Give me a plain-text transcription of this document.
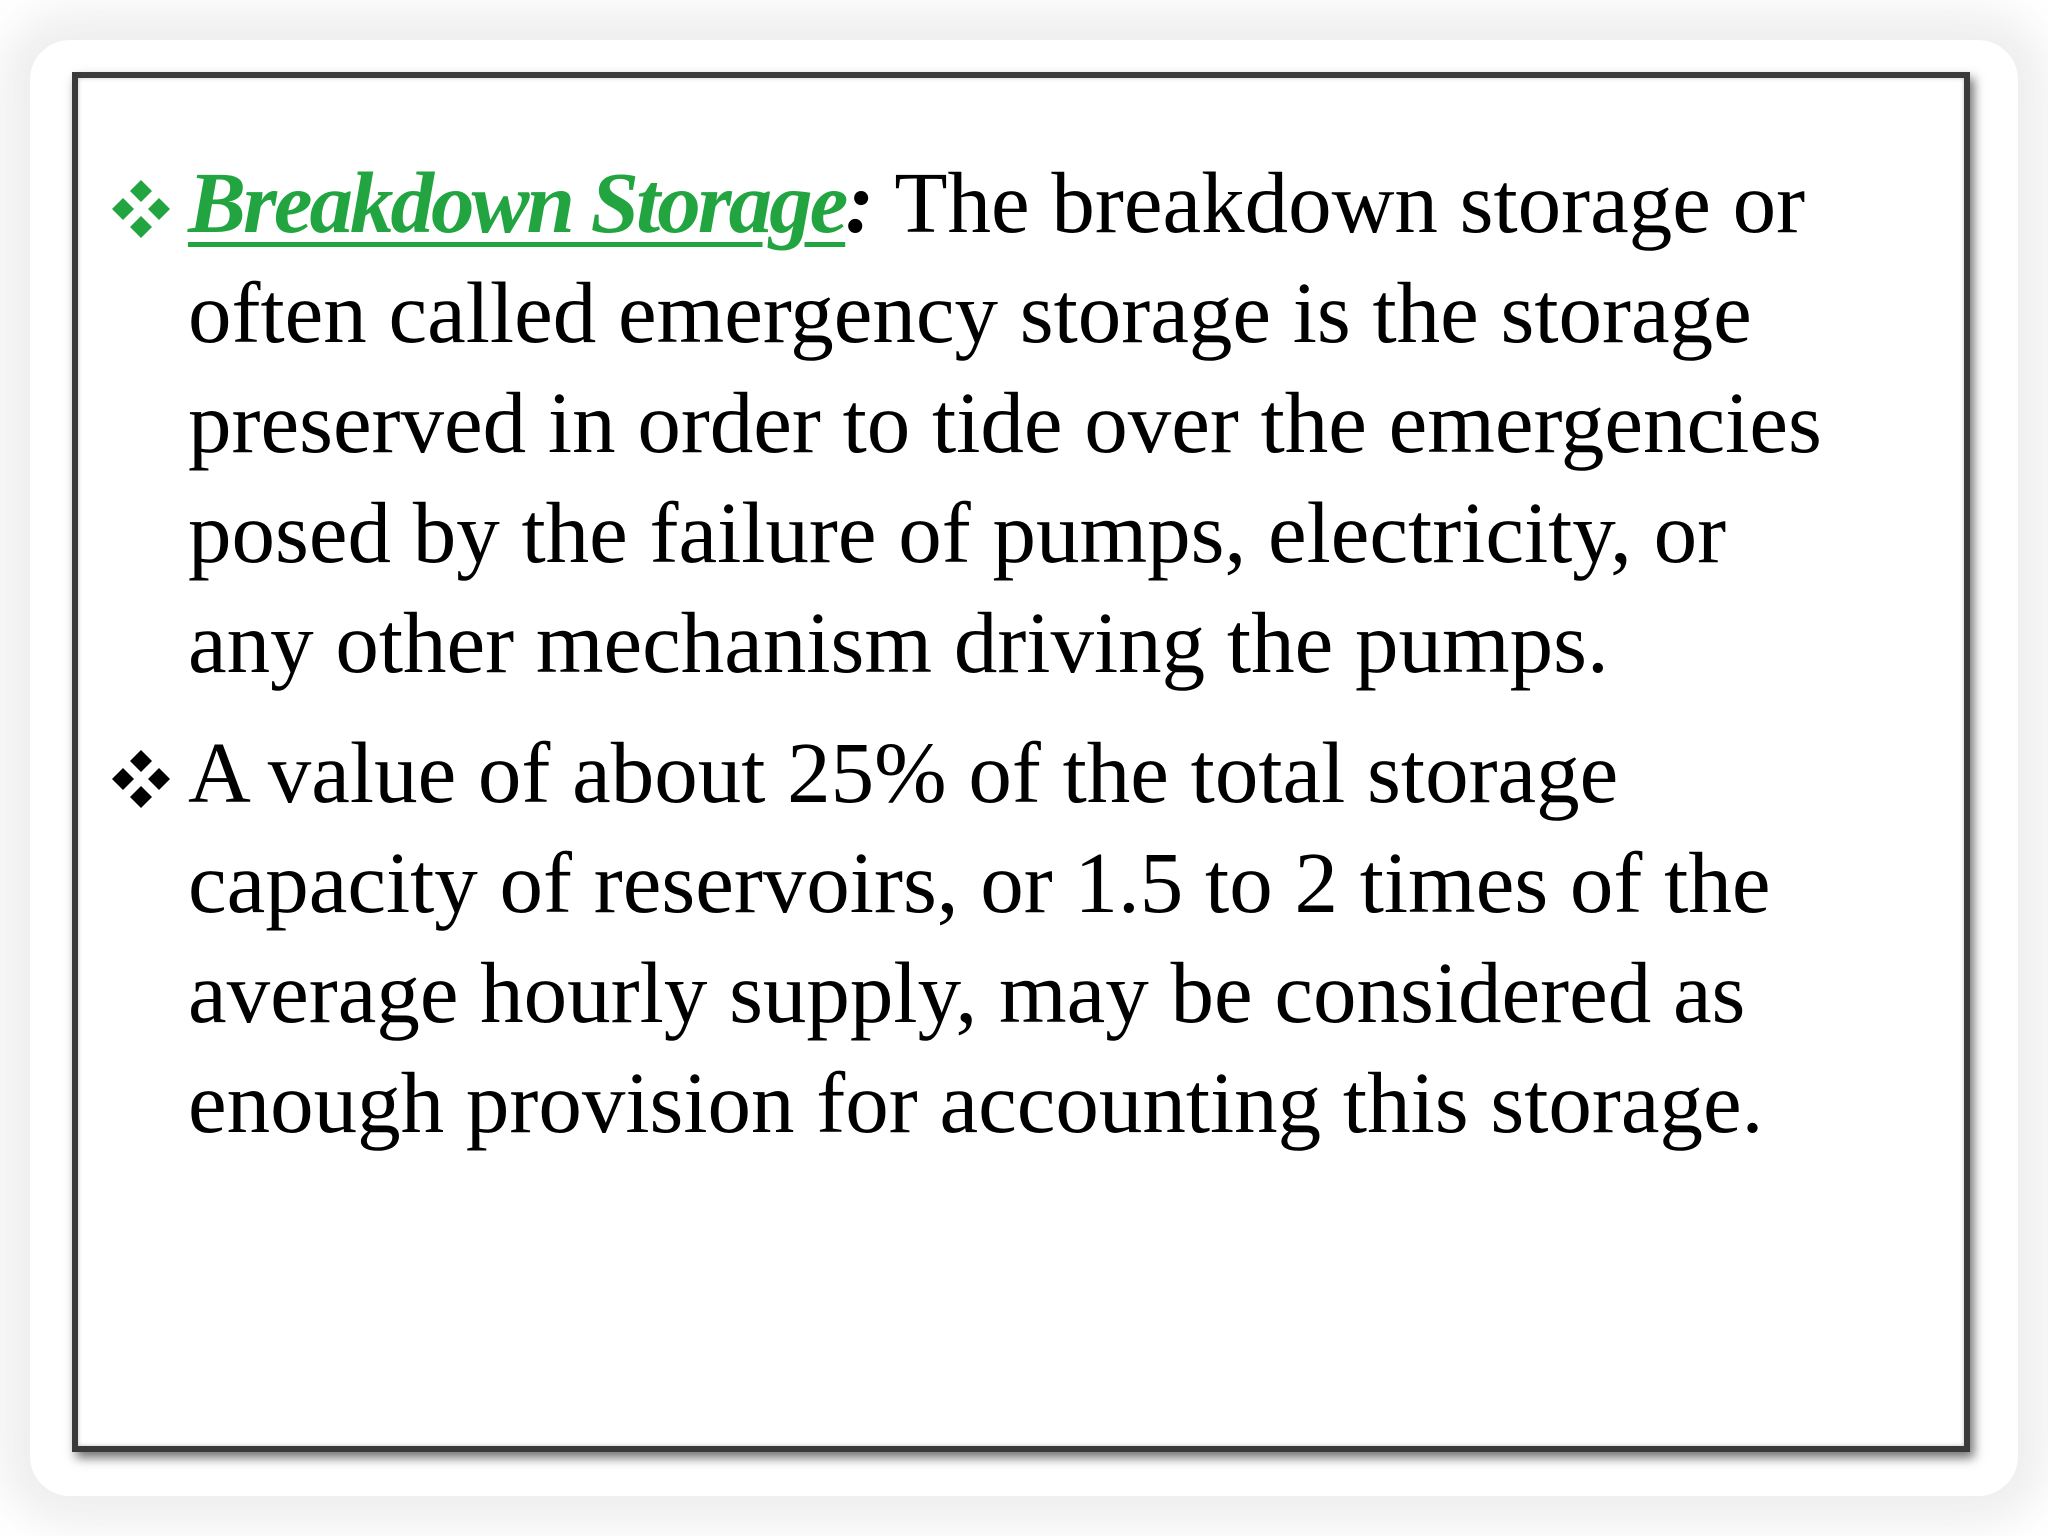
Breakdown Storage: The breakdown storage or
often called emergency storage is the storage
preserved in order to tide over the emergencies
posed by the failure of pumps, electricity, or
any other mechanism driving the pumps.
A value of about 25% of the total storage
capacity of reservoirs, or 1.5 to 2 times of the
average hourly supply, may be considered as
enough provision for accounting this storage.
